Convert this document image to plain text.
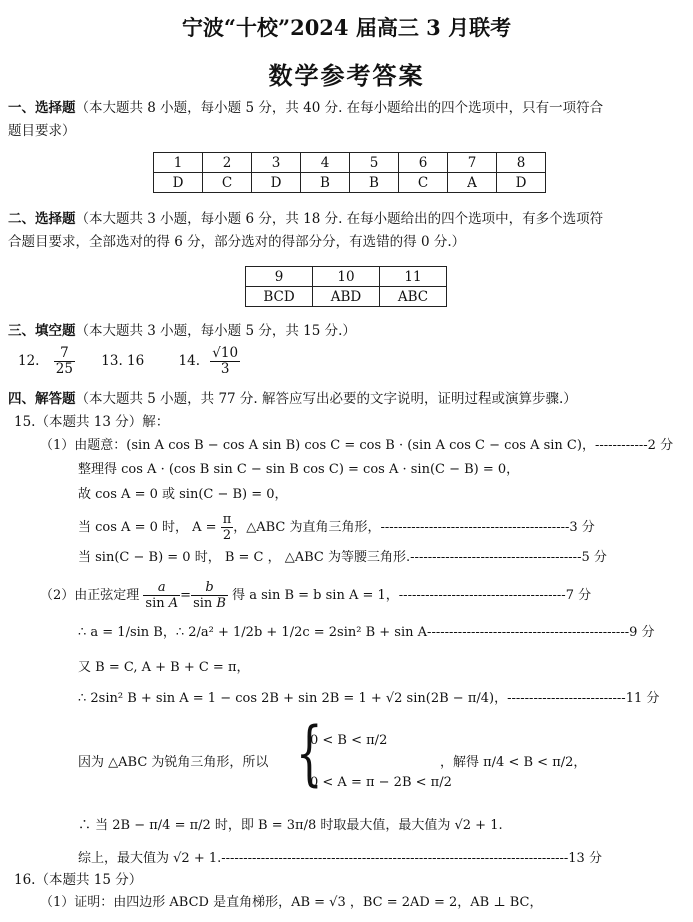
宁波“十校”2024 届高三 3 月联考
数学参考答案
一、选择题（本大题共 8 小题，每小题 5 分，共 40 分. 在每小题给出的四个选项中，只有一项符合
题目要求）
1	2	3	4	5	6	7	8
D	C	D	B	B	C	A	D
二、选择题（本大题共 3 小题，每小题 6 分，共 18 分. 在每小题给出的四个选项中，有多个选项符
合题目要求，全部选对的得 6 分，部分选对的得部分分，有选错的得 0 分.）
9	10	11
BCD	ABD	ABC
三、填空题（本大题共 3 小题，每小题 5 分，共 15 分.）
12. $\frac{7}{25} 13$. 16	14. $\frac{√10}{3}$
四、解答题（本大题共 5 小题，共 77 分. 解答应写出必要的文字说明，证明过程或演算步骤.）
15.（本题共 13 分）解：
（1）由题意：(sin A cos B − cos A sin B) cos C = cos B · (sin A cos C − cos A sin C)，------------2 分
整理得 cos A · (cos B sin C − sin B cos C) = cos A · sin(C − B) = 0，
故 cos A = 0 或 sin(C − B) = 0，
当 cos A = 0 时， $A = \frac{\pi}{2}$ ，△ABC 为直角三角形，-------------------------------------------3 分
当 sin(C − B) = 0 时， B = C ， △ABC 为等腰三角形.---------------------------------------5 分
（2）由正弦定理 $\frac{a}{\text{sin A}} = \frac{b}{\text{sin B}}$ 得 a sin B = b sin A = 1，--------------------------------------7 分
∴ a = 1/sin B，∴ 2/a² + 1/2b + 1/2c = 2sin² B + sin A----------------------------------------------9 分
又 B = C, A + B + C = π，
∴ 2sin² B + sin A = 1 − cos 2B + sin 2B = 1 + √2 sin(2B − π/4)，---------------------------11 分
因为 △ABC 为锐角三角形，所以 {
0 < B < π/2
0 < A = π − 2B < π/2
，解得 π/4 < B < π/2，
∴ 当 2B − π/4 = π/2 时，即 B = 3π/8 时取最大值，最大值为 √2 + 1.
综上，最大值为 √2 + 1.-------------------------------------------------------------------------------13 分
16.（本题共 15 分）
（1）证明：由四边形 ABCD 是直角梯形，AB = √3 ，BC = 2AD = 2，AB ⊥ BC，
